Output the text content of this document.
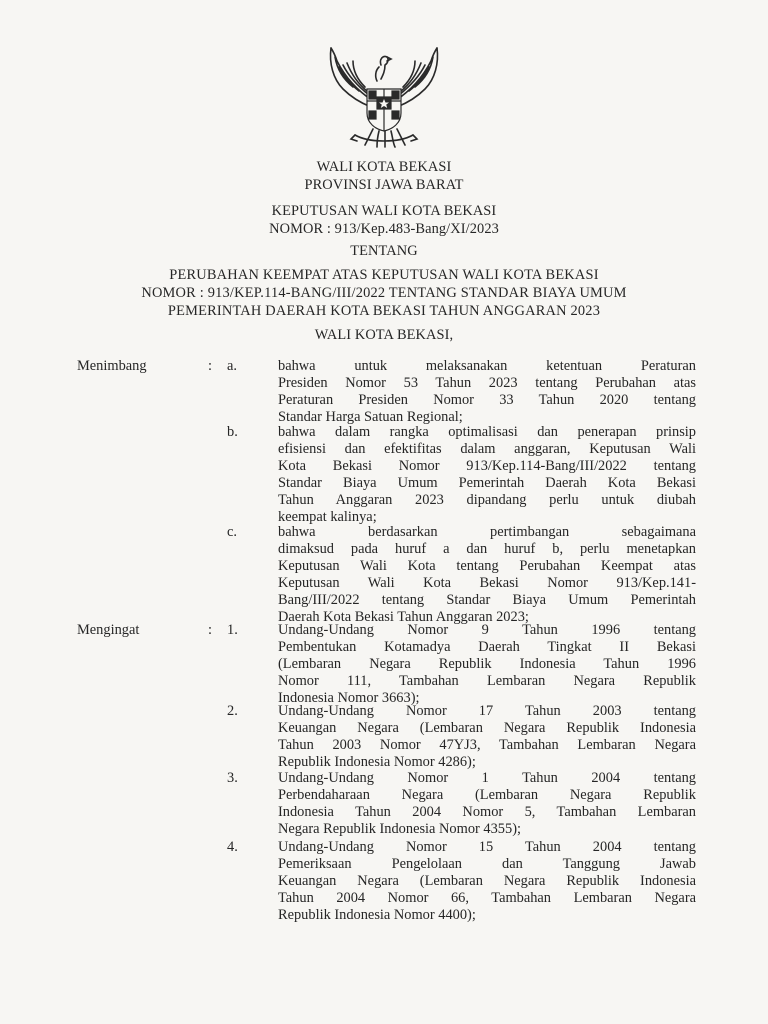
WALI KOTA BEKASI
PROVINSI JAWA BARAT
KEPUTUSAN WALI KOTA BEKASI
NOMOR : 913/Kep.483-Bang/XI/2023
TENTANG
PERUBAHAN KEEMPAT ATAS KEPUTUSAN WALI KOTA BEKASI
NOMOR : 913/KEP.114-BANG/III/2022 TENTANG STANDAR BIAYA UMUM
PEMERINTAH DAERAH KOTA BEKASI TAHUN ANGGARAN 2023
WALI KOTA BEKASI,
Menimbang	: a.	bahwa untuk melaksanakan ketentuan Peraturan
Presiden Nomor 53 Tahun 2023 tentang Perubahan atas
Peraturan Presiden Nomor 33 Tahun 2020 tentang
Standar Harga Satuan Regional;
b.	bahwa dalam rangka optimalisasi dan penerapan prinsip
efisiensi dan efektifitas dalam anggaran, Keputusan Wali
Kota Bekasi Nomor 913/Kep.114-Bang/III/2022 tentang
Standar Biaya Umum Pemerintah Daerah Kota Bekasi
Tahun Anggaran 2023 dipandang perlu untuk diubah
keempat kalinya;
c.	bahwa berdasarkan pertimbangan sebagaimana
dimaksud pada huruf a dan huruf b, perlu menetapkan
Keputusan Wali Kota tentang Perubahan Keempat atas
Keputusan Wali Kota Bekasi Nomor 913/Kep.141-
Bang/III/2022 tentang Standar Biaya Umum Pemerintah
Daerah Kota Bekasi Tahun Anggaran 2023;
Mengingat	: 1.	Undang-Undang Nomor 9 Tahun 1996 tentang
Pembentukan Kotamadya Daerah Tingkat II Bekasi
(Lembaran Negara Republik Indonesia Tahun 1996
Nomor 111, Tambahan Lembaran Negara Republik
Indonesia Nomor 3663);
2.	Undang-Undang Nomor 17 Tahun 2003 tentang
Keuangan Negara (Lembaran Negara Republik Indonesia
Tahun 2003 Nomor 47YJ3, Tambahan Lembaran Negara
Republik Indonesia Nomor 4286);
3.	Undang-Undang Nomor 1 Tahun 2004 tentang
Perbendaharaan Negara (Lembaran Negara Republik
Indonesia Tahun 2004 Nomor 5, Tambahan Lembaran
Negara Republik Indonesia Nomor 4355);
4.	Undang-Undang Nomor 15 Tahun 2004 tentang
Pemeriksaan Pengelolaan dan Tanggung Jawab
Keuangan Negara (Lembaran Negara Republik Indonesia
Tahun 2004 Nomor 66, Tambahan Lembaran Negara
Republik Indonesia Nomor 4400);
